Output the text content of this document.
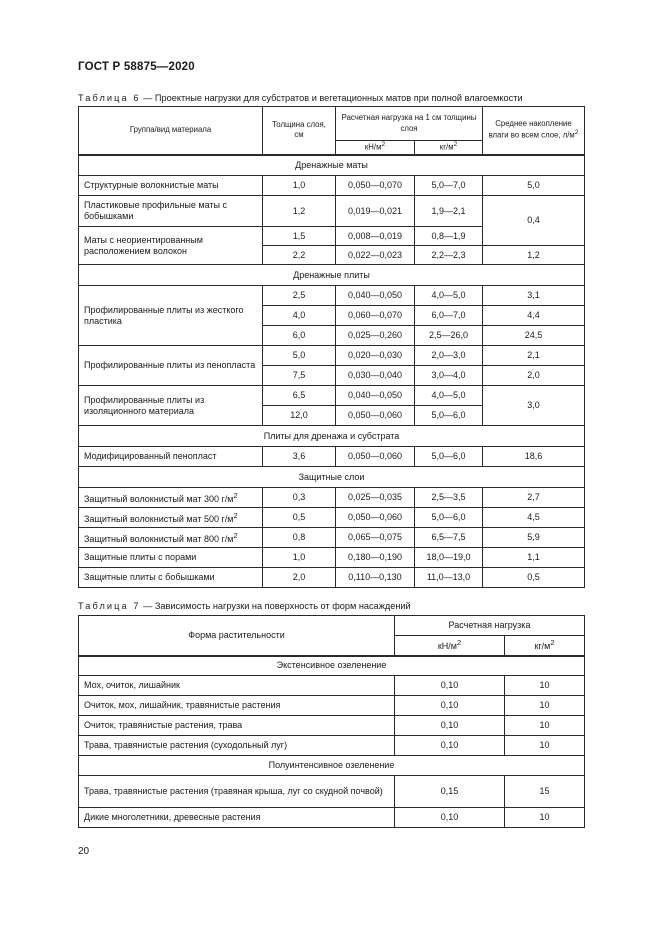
ГОСТ Р 58875—2020
Таблица 6 — Проектные нагрузки для субстратов и вегетационных матов при полной влагоемкости
Группа/вид материала	Толщина слоя, см	Расчетная нагрузка на 1 см толщины слоя		Среднее накопление влаги во всем слое, $л/м^2$
		$кН/м^2$	$кг/м^2$
Дренажные маты				
Структурные волокнистые маты	1,0	0,050—0,070	5,0—7,0	5,0
Пластиковые профильные маты с бобышками	1,2	0,019—0,021	1,9—2,1	0,4
Маты с неориентированным расположением волокон	1,5	0,008—0,019	0,8—1,9	
	2,2	0,022—0,023	2,2—2,3	1,2
Дренажные плиты				
Профилированные плиты из жесткого пластика	2,5	0,040—0,050	4,0—5,0	3,1
	4,0	0,060—0,070	6,0—7,0	4,4
	6,0	0,025—0,260	2,5—26,0	24,5
Профилированные плиты из пенопласта	5,0	0,020—0,030	2,0—3,0	2,1
	7,5	0,030—0,040	3,0—4,0	2,0
Профилированные плиты из изоляционного материала	6,5	0,040—0,050	4,0—5,0	3,0
	12,0	0,050—0,060	5,0—6,0	
Плиты для дренажа и субстрата				
Модифицированный пенопласт	3,6	0,050—0,060	5,0—6,0	18,6
Защитные слои				
Защитный волокнистый мат 300 $г/м^2$	0,3	0,025—0,035	2,5—3,5	2,7
Защитный волокнистый мат 500 $г/м^2$	0,5	0,050—0,060	5,0—6,0	4,5
Защитный волокнистый мат 800 $г/м^2$	0,8	0,065—0,075	6,5—7,5	5,9
Защитные плиты с порами	1,0	0,180—0,190	18,0—19,0	1,1
Защитные плиты с бобышками	2,0	0,110—0,130	11,0—13,0	0,5
Таблица 7 — Зависимость нагрузки на поверхность от форм насаждений
Форма растительности	Расчетная нагрузка	
	$кН/м^2$	$кг/м^2$
Экстенсивное озеленение		
Мох, очиток, лишайник	0,10	10
Очиток, мох, лишайник, травянистые растения	0,10	10
Очиток, травянистые растения, трава	0,10	10
Трава, травянистые растения (суходольный луг)	0,10	10
Полуинтенсивное озеленение		
Трава, травянистые растения (травяная крыша, луг со скудной почвой)	0,15	15
Дикие многолетники, древесные растения	0,10	10
20
